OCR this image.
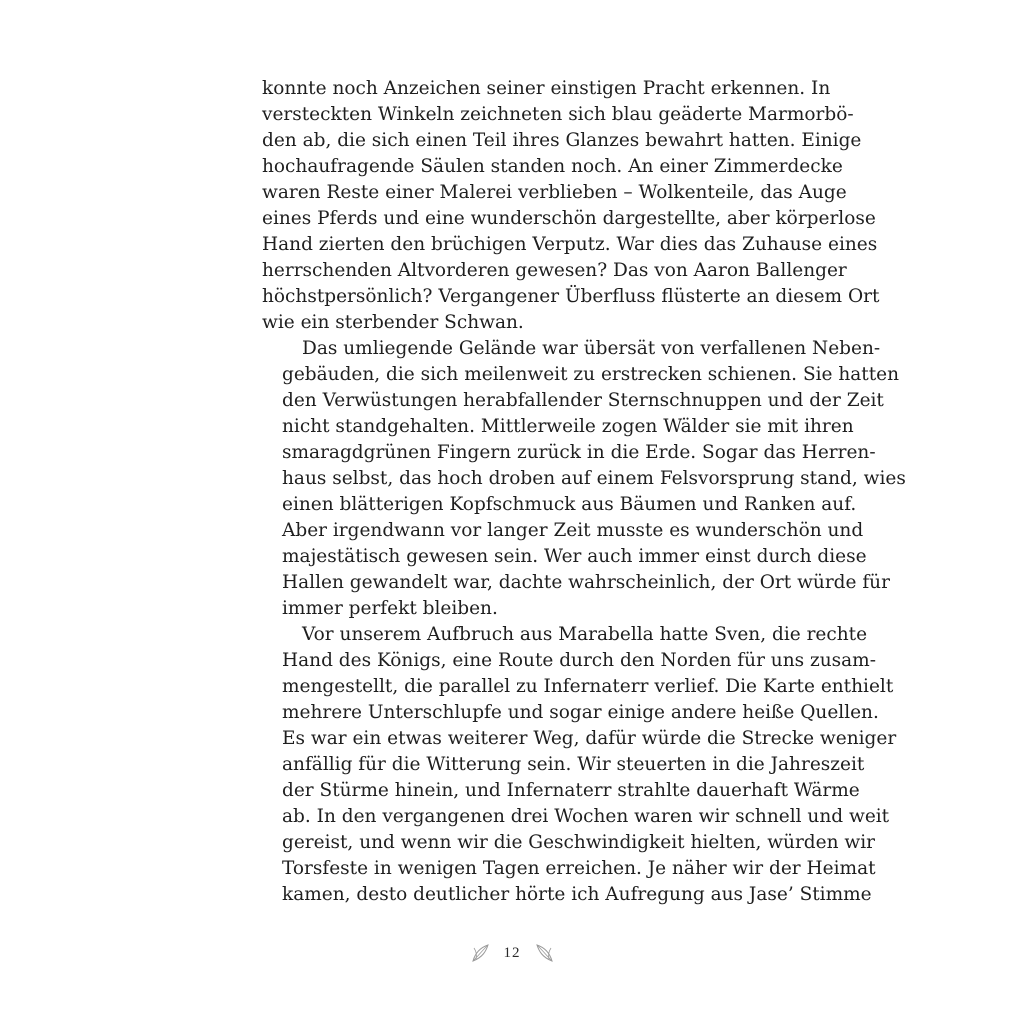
konnte noch Anzeichen seiner einstigen Pracht erkennen. In
versteckten Winkeln zeichneten sich blau geäderte Marmorbö-
den ab, die sich einen Teil ihres Glanzes bewahrt hatten. Einige
hochaufragende Säulen standen noch. An einer Zimmerdecke
waren Reste einer Malerei verblieben – Wolkenteile, das Auge
eines Pferds und eine wunderschön dargestellte, aber körperlose
Hand zierten den brüchigen Verputz. War dies das Zuhause eines
herrschenden Altvorderen gewesen? Das von Aaron Ballenger
höchstpersönlich? Vergangener Überfluss flüsterte an diesem Ort
wie ein sterbender Schwan.

Das umliegende Gelände war übersät von verfallenen Neben-
gebäuden, die sich meilenweit zu erstrecken schienen. Sie hatten
den Verwüstungen herabfallender Sternschnuppen und der Zeit
nicht standgehalten. Mittlerweile zogen Wälder sie mit ihren
smaragdgrünen Fingern zurück in die Erde. Sogar das Herren-
haus selbst, das hoch droben auf einem Felsvorsprung stand, wies
einen blätterigen Kopfschmuck aus Bäumen und Ranken auf.
Aber irgendwann vor langer Zeit musste es wunderschön und
majestätisch gewesen sein. Wer auch immer einst durch diese
Hallen gewandelt war, dachte wahrscheinlich, der Ort würde für
immer perfekt bleiben.

Vor unserem Aufbruch aus Marabella hatte Sven, die rechte
Hand des Königs, eine Route durch den Norden für uns zusam-
mengestellt, die parallel zu Infernaterr verlief. Die Karte enthielt
mehrere Unterschlupfe und sogar einige andere heiße Quellen.
Es war ein etwas weiterer Weg, dafür würde die Strecke weniger
anfällig für die Witterung sein. Wir steuerten in die Jahreszeit
der Stürme hinein, und Infernaterr strahlte dauerhaft Wärme
ab. In den vergangenen drei Wochen waren wir schnell und weit
gereist, und wenn wir die Geschwindigkeit hielten, würden wir
Torsfeste in wenigen Tagen erreichen. Je näher wir der Heimat
kamen, desto deutlicher hörte ich Aufregung aus Jase’ Stimme

12
